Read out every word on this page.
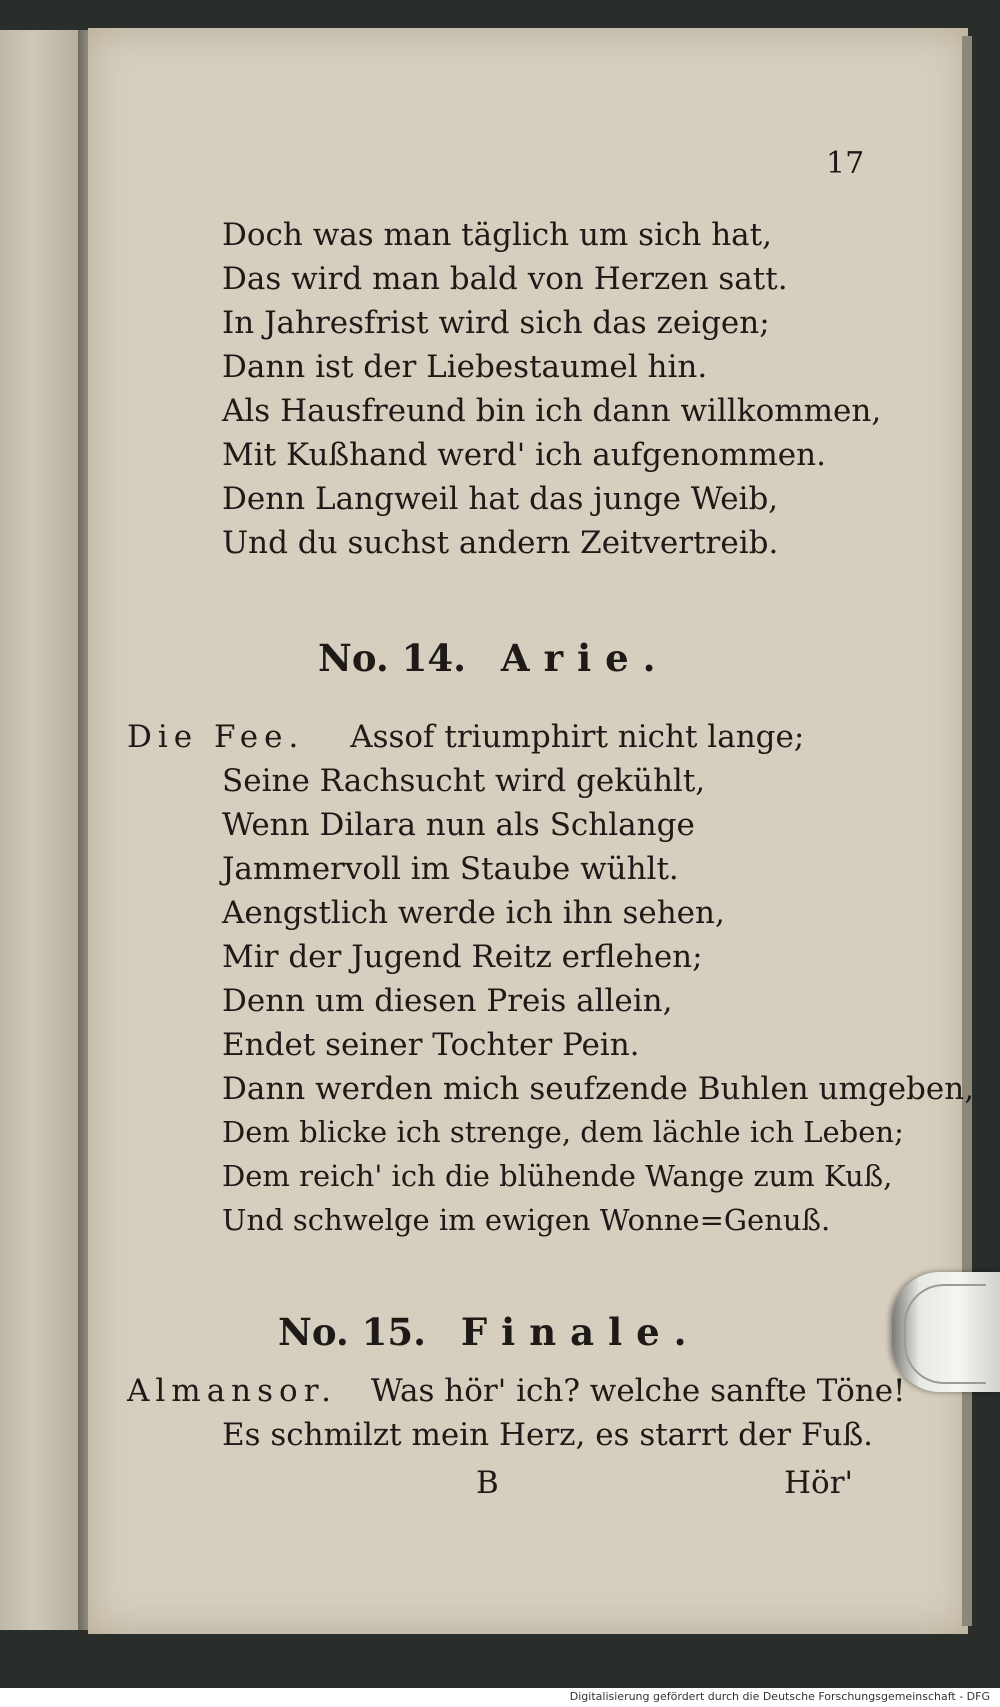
17
Doch was man täglich um sich hat,
Das wird man bald von Herzen satt.
In Jahresfrist wird sich das zeigen;
Dann ist der Liebestaumel hin.
Als Hausfreund bin ich dann willkommen,
Mit Kußhand werd' ich aufgenommen.
Denn Langweil hat das junge Weib,
Und du suchst andern Zeitvertreib.
No. 14. Arie.
Die Fee. Assof triumphirt nicht lange;
Seine Rachsucht wird gekühlt,
Wenn Dilara nun als Schlange
Jammervoll im Staube wühlt.
Aengstlich werde ich ihn sehen,
Mir der Jugend Reitz erflehen;
Denn um diesen Preis allein,
Endet seiner Tochter Pein.
Dann werden mich seufzende Buhlen umgeben,
Dem blicke ich strenge, dem lächle ich Leben;
Dem reich' ich die blühende Wange zum Kuß,
Und schwelge im ewigen Wonne=Genuß.
No. 15. Finale.
Almansor. Was hör' ich? welche sanfte Töne!
Es schmilzt mein Herz, es starrt der Fuß.
B	Hör'
Digitalisierung gefördert durch die Deutsche Forschungsgemeinschaft - DFG
